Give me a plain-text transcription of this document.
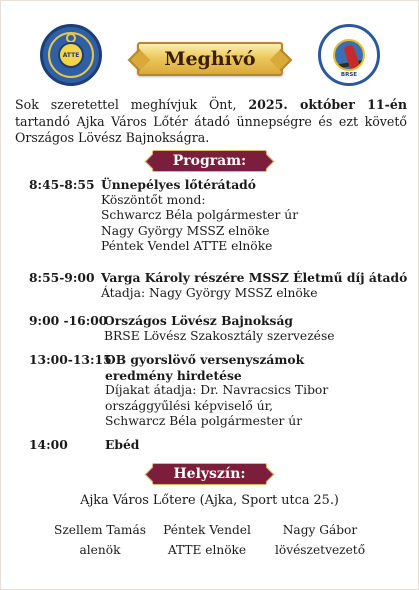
ATTE	Meghívó
BRSE

Sok szeretettel meghívjuk Önt, 2025. október 11-én tartandó Ajka Város Lőtér átadó ünnepségre és ezt követő Országos Lövész Bajnokságra.

Program:
8:45-8:55 Ünnepélyes lőtérátadó
Köszöntőt mond:
Schwarcz Béla polgármester úr
Nagy György MSSZ elnöke
Péntek Vendel ATTE elnöke
8:55-9:00 Varga Károly részére MSSZ Életmű díj átadó
Átadja: Nagy György MSSZ elnöke
9:00 -16:00
Országos Lövész Bajnokság
BRSE Lövész Szakosztály szervezése
13:00-13:15
OB gyorslövő versenyszámok
eredmény hirdetése
Díjakat átadja: Dr. Navracsics Tibor
országgyűlési képviselő úr,
Schwarcz Béla polgármester úr
14:00	Ebéd
Helyszín:
Ajka Város Lőtere (Ajka, Sport utca 25.)
Szellem Tamás
alenök
Péntek Vendel
ATTE elnöke
Nagy Gábor
lövészetvezető
